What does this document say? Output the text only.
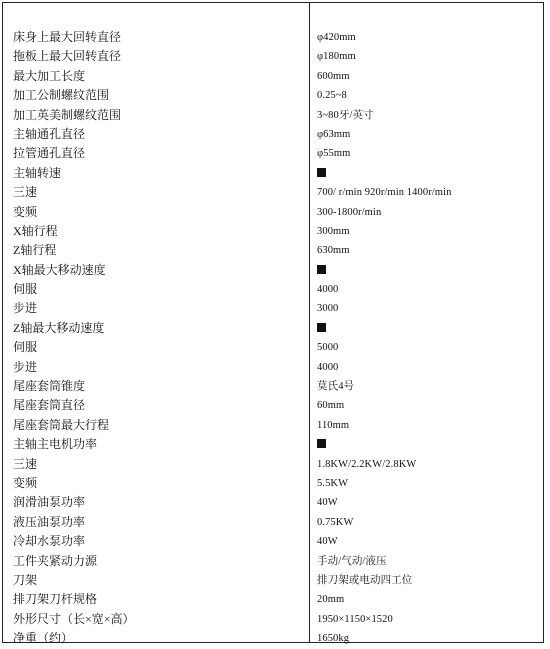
床身上最大回转直径	φ420mm
拖板上最大回转直径	φ180mm
最大加工长度	600mm
加工公制螺纹范围	0.25~8
加工英美制螺纹范围	3~80牙/英寸
主轴通孔直径	φ63mm
拉管通孔直径	φ55mm
主轴转速
三速	700/ r/min 920r/min 1400r/min
变频	300-1800r/min
X轴行程	300mm
Z轴行程	630mm
X轴最大移动速度
伺服	4000
步进	3000
Z轴最大移动速度
伺服	5000
步进	4000
尾座套筒锥度	莫氏4号
尾座套筒直径	60mm
尾座套筒最大行程	110mm
主轴主电机功率
三速	1.8KW/2.2KW/2.8KW
变频	5.5KW
润滑油泵功率	40W
液压油泵功率	0.75KW
冷却水泵功率	40W
工件夹紧动力源	手动/气动/液压
刀架	排刀架或电动四工位
排刀架刀杆规格	20mm
外形尺寸（长×宽×高）	1950×1150×1520
净重（约）	1650kg
